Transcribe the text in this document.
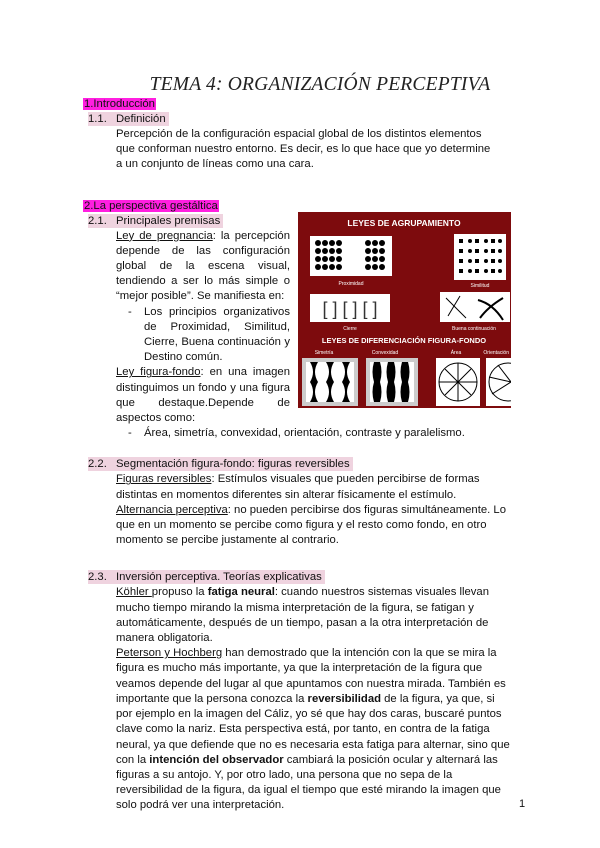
TEMA 4: ORGANIZACIÓN PERCEPTIVA
1.Introducción
1.1. Definición

Percepción de la configuración espacial global de los distintos elementos que conforman nuestro entorno. Es decir, es lo que hace que yo determine a un conjunto de líneas como una cara.

2.La perspectiva gestáltica
2.1. Principales premisas
Ley de pregnancia: la percepción depende de las configuración global de la escena visual, tendiendo a ser lo más simple o “mejor posible”. Se manifiesta en:
- Los principios organizativos de Proximidad, Similitud, Cierre, Buena continuación y Destino común.
Ley figura-fondo: en una imagen distinguimos un fondo y una figura que destaque.Depende de aspectos como:
- Área, simetría, convexidad, orientación, contraste y paralelismo.
2.2. Segmentación figura-fondo: figuras reversibles
Figuras reversibles: Estímulos visuales que pueden percibirse de formas distintas en momentos diferentes sin alterar físicamente el estímulo.
Alternancia perceptiva: no pueden percibirse dos figuras simultáneamente. Lo que en un momento se percibe como figura y el resto como fondo, en otro momento se percibe justamente al contrario.
2.3. Inversión perceptiva. Teorías explicativas
Köhler propuso la fatiga neural: cuando nuestros sistemas visuales llevan mucho tiempo mirando la misma interpretación de la figura, se fatigan y automáticamente, después de un tiempo, pasan a la otra interpretación de manera obligatoria.
Peterson y Hochberg han demostrado que la intención con la que se mira la figura es mucho más importante, ya que la interpretación de la figura que veamos depende del lugar al que apuntamos con nuestra mirada. También es importante que la persona conozca la reversibilidad de la figura, ya que, si por ejemplo en la imagen del Cáliz, yo sé que hay dos caras, buscaré puntos clave como la nariz. Esta perspectiva está, por tanto, en contra de la fatiga neural, ya que defiende que no es necesaria esta fatiga para alternar, sino que con la intención del observador cambiará la posición ocular y alternará las figuras a su antojo. Y, por otro lado, una persona que no sepa de la reversibilidad de la figura, da igual el tiempo que esté mirando la imagen que solo podrá ver una interpretación.
LEYES DE AGRUPAMIENTO
Proximidad	Similitud
[ ] [ ] [ ]
Cierre	Buena continuación
LEYES DE DIFERENCIACIÓN FIGURA-FONDO
Simetría	Convexidad	Área	Orientación
1
